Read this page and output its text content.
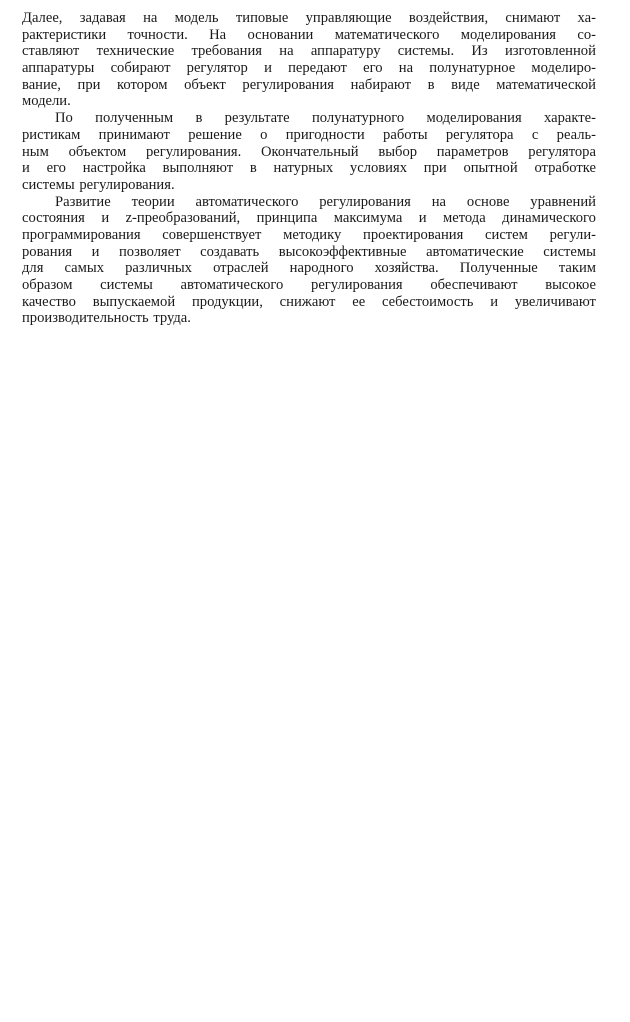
Далее, задавая на модель типовые управляющие воздействия, снимают ха-
рактеристики точности. На основании математического моделирования со-
ставляют технические требования на аппаратуру системы. Из изготовленной
аппаратуры собирают регулятор и передают его на полунатурное моделиро-
вание, при котором объект регулирования набирают в виде математической
модели.
По полученным в результате полунатурного моделирования характе-
ристикам принимают решение о пригодности работы регулятора с реаль-
ным объектом регулирования. Окончательный выбор параметров регулятора
и его настройка выполняют в натурных условиях при опытной отработке
системы регулирования.
Развитие теории автоматического регулирования на основе уравнений
состояния и z-преобразований, принципа максимума и метода динамического
программирования совершенствует методику проектирования систем регули-
рования и позволяет создавать высокоэффективные автоматические системы
для самых различных отраслей народного хозяйства. Полученные таким
образом системы автоматического регулирования обеспечивают высокое
качество выпускаемой продукции, снижают ее себестоимость и увеличивают
производительность труда.
